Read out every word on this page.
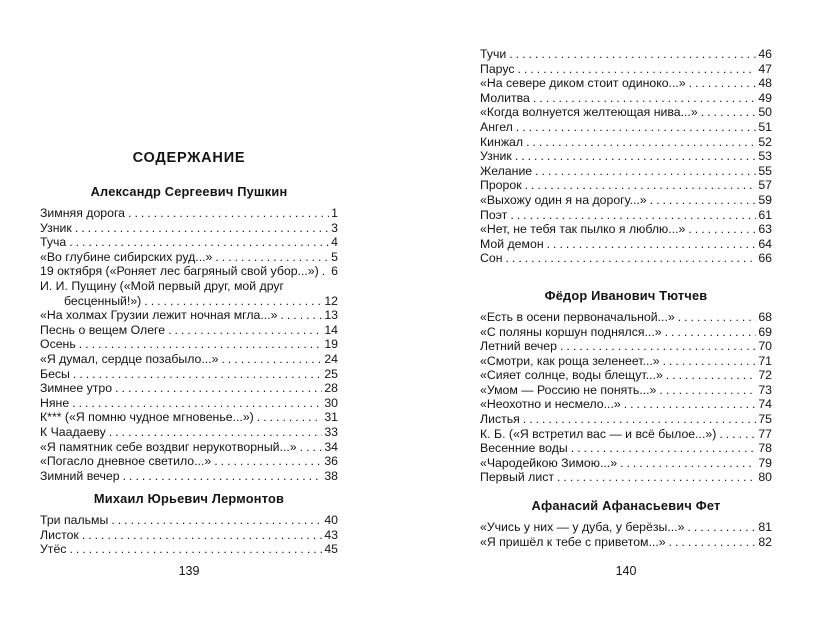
СОДЕРЖАНИЕ
Александр Сергеевич Пушкин
Зимняя дорога .....	1
Узник .....	3
Туча .....	4
«Во глубине сибирских руд...» .....	5
19 октября («Роняет лес багряный свой убор...») ..... 6
И. И. Пущину («Мой первый друг, мой друг
бесценный!») .....	12
«На холмах Грузии лежит ночная мгла...» .....	13
Песнь о вещем Олеге .....	14
Осень .....	19
«Я думал, сердце позабыло...» .....	24
Бесы .....	25
Зимнее утро .....	28
Няне .....	30
К*** («Я помню чудное мгновенье...») .....	31
К Чаадаеву .....	33
«Я памятник себе воздвиг нерукотворный...» ..... 34
«Погасло дневное светило...» .....	36
Зимний вечер .....	38
Михаил Юрьевич Лермонтов
Три пальмы .....	40
Листок .....	43
Утёс .....	45
Тучи .....	46
Парус .....	47
«На севере диком стоит одиноко...» .....	48
Молитва .....	49
«Когда волнуется желтеющая нива...» .....	50
Ангел .....	51
Кинжал .....	52
Узник .....	53
Желание .....	55
Пророк .....	57
«Выхожу один я на дорогу...» .....	59
Поэт .....	61
«Нет, не тебя так пылко я люблю...» .....	63
Мой демон .....	64
Сон .....	66
Фёдор Иванович Тютчев
«Есть в осени первоначальной...» .....	68
«С поляны коршун поднялся...» .....	69
Летний вечер .....	70
«Смотри, как роща зеленеет...» .....	71
«Сияет солнце, воды блещут...» .....	72
«Умом — Россию не понять...» .....	73
«Неохотно и несмело...» .....	74
Листья .....	75
К. Б. («Я встретил вас — и всё былое...») .....	77
Весенние воды .....	78
«Чародейкою Зимою...» .....	79
Первый лист .....	80
Афанасий Афанасьевич Фет
«Учись у них — у дуба, у берёзы...» .....	81
«Я пришёл к тебе с приветом...» .....	82
139	140
